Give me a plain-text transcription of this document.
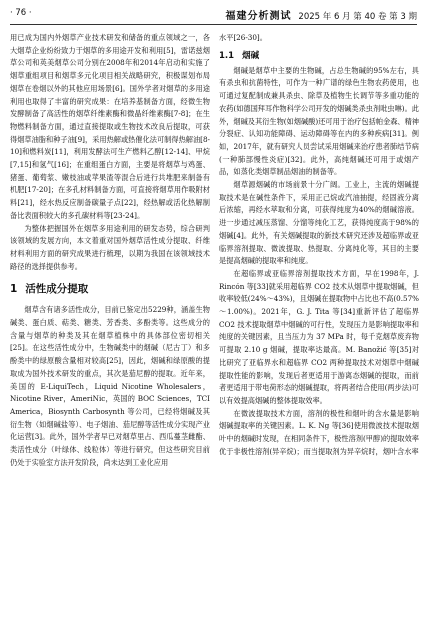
· 76 ·	福建分析测试 2025 年 6 月 第 40 卷 第 3 期

用已成为国内外烟草产业技术研发和储备的重点领域之一，各大烟草企业纷纷致力于烟草的多用途开发和利用[5]，雷诺兹烟草公司和英美烟草公司分别在2008年和2014年启动和实施了烟草重组项目和烟草多元化项目相关战略研究，积极谋划布局烟草在卷烟以外的其他应用场景[6]。国外学者对烟草的多用途利用也取得了丰富的研究成果：在培养基制备方面，经微生物发酵制备了高活性的烟草纤维素酶和微晶纤维素酶[7-8]；在生物燃料制备方面，通过直接提取或生物技术改良后提取，可获得烟草油脂和种子油[9]，采用热解或热催化法可制得热解油[8-10]和燃料炭[11]，利用发酵法可生产燃料乙醇[12-14]、甲烷[7,15]和氢气[16]；在重组蛋白方面，主要是将烟草与鸡蛋、猪蛋、葡萄浆、嫩枝油或苹果渣等混合后进行共堆肥来制备有机肥[17-20]；在多孔材料制备方面，可直接将烟草用作吸附材料[21]，经水热反应制备碳量子点[22]，经热解或活化热解制备比表面积较大的多孔碳材料等[23-24]。

为整体把握国外在烟草多用途利用的研发态势，综合研判该领域的发展方向，本文着重对国外烟草活性成分提取、纤维材料利用方面的研究成果进行梳理，以期为我国在该领域技术路径的选择提供参考。

1 活性成分提取

烟草含有诸多活性成分，目前已鉴定出5229种，涵盖生物碱类、蛋白质、萜类、糖类、芳香类、多酚类等。这些成分的含量与烟草的种类及其在烟草植株中的具体部位密切相关[25]。在这些活性成分中，生物碱类中的烟碱（尼古丁）和多酚类中的绿原酸含量相对较高[25]，因此，烟碱和绿原酸的提取成为国外技术研发的重点，其次是茄尼醇的提取。近年来，美国的 E-LiquiTech，Liquid Nicotine Wholesalers，Nicotine River，AmeriNic，英国的 BOC Sciences，TCI America，Biosynth Carbosynth 等公司，已经将烟碱及其衍生物（如烟碱盐等）、电子烟油、茄尼醇等活性成分实现产业化运营[3]。此外，国外学者早已对烟草里占、西瓜蔓茎雌酯、类活性成分（叶绿体、线粒体）等进行研究，但这些研究目前仍处于实验室方法开发阶段，尚未达到工业化应用

水平[26-30]。

1.1 烟碱

烟碱是烟草中主要的生物碱，占总生物碱的95%左右，具有杀虫和抗菌特性，可作为一种广谱的绿色生物农药使用，也可通过复配制成兼具杀虫、除草及植物生长调节等多重功能的农药(如德国拜耳作物科学公司开发的烟碱类杀虫剂吡虫啉)。此外，烟碱及其衍生物(如烟碱酸)还可用于治疗包括帕金森、精神分裂症、认知功能障碍、运动障碍等在内的多种疾病[31]。例如，2017年，就有研究人员尝试采用烟碱来治疗患者肺结节病(一种肺部慢性炎症)[32]。此外，高纯烟碱还可用于或烟产品，如蒸化类烟草制品烟油的制备等。

烟草源烟碱的市场前景十分广阔。工业上，主流的烟碱提取技术是在碱性条件下，采用正己烷或汽油抽提，经固液分离后浓缩，再经水萃取和分离，可获得纯度为40%的烟碱溶液。进一步通过减压蒸馏、分馏等纯化工艺，获得纯度高于98%的烟碱[4]。此外，有关烟碱提取的新技术研究还涉及超临界或亚临界溶剂提取、微波提取、热提取、分离纯化等，其目的主要是提高烟碱的提取率和纯度。

在超临界或亚临界溶剂提取技术方面，早在1998年，J. Rincón 等[33]就采用超临界 CO2 技术从烟草中提取烟碱，但收率较低(24%～43%)，且烟碱在提取物中占比也不高(0.57%～1.00%)。2021年，G. J. Tita 等[34]重新评估了超临界 CO2 技术提取烟草中烟碱的可行性，发现压力是影响提取率和纯度的关键因素，且当压力为 37 MPa 时，每千克烟草废弃物可提取 2.10 g 烟碱，提取率达最高。M. Banožić 等[35]对比研究了亚临界水和超临界 CO2 两种提取技术对烟草中烟碱提取性能的影响，发现后者更适用于游离态烟碱的提取，而前者更适用于带电荷形态的烟碱提取，将两者结合使用(两步法)可以有效提高烟碱的整体提取效率。

在微波提取技术方面，溶剂的极性和烟叶的含水量是影响烟碱提取率的关键因素。L. K. Ng 等[36]使用微波技术提取烟叶中的烟碱时发现，在相同条件下，极性溶剂(甲醇)的提取效率优于非极性溶剂(异辛烷)；而当提取剂为异辛烷时，烟叶含水率
